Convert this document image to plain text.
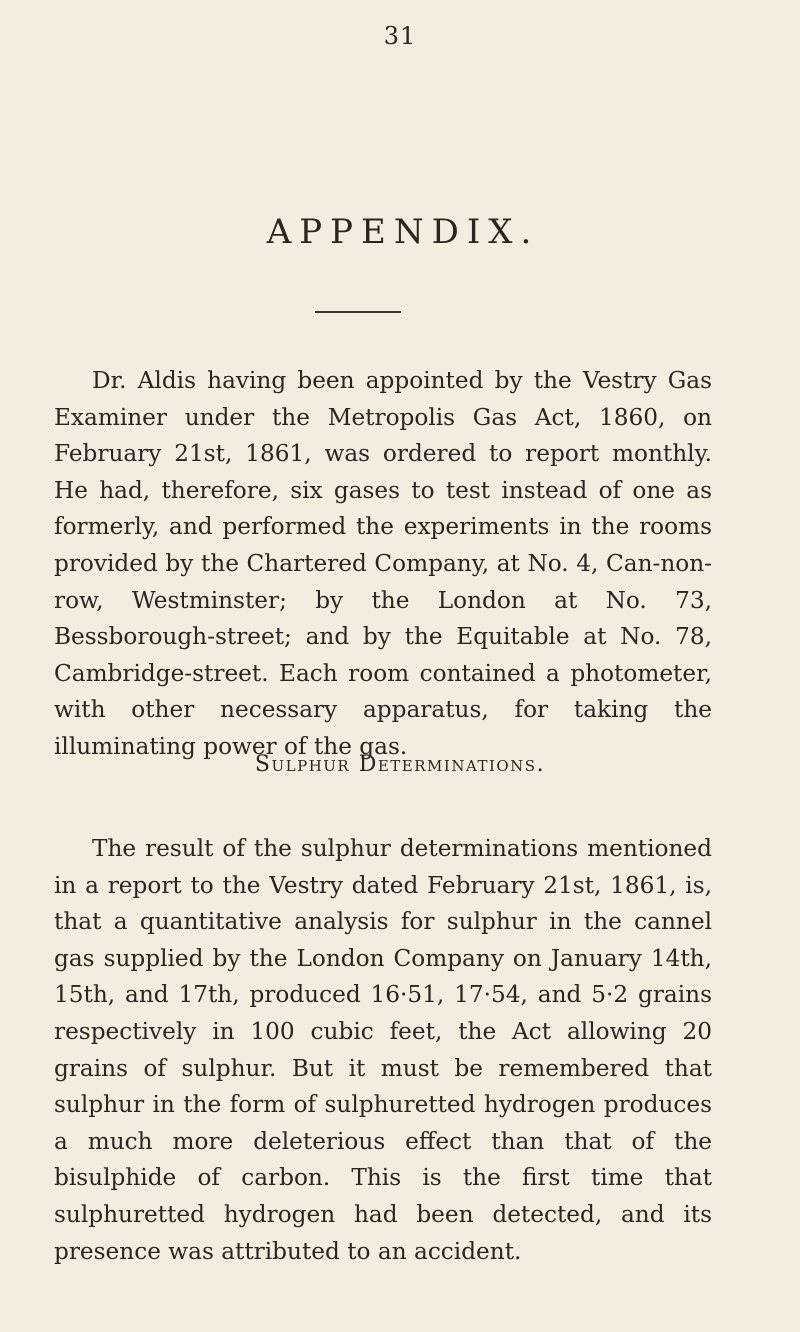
31
APPENDIX.

Dr. Aldis having been appointed by the Vestry Gas Examiner under the Metropolis Gas Act, 1860, on February 21st, 1861, was ordered to report monthly. He had, therefore, six gases to test instead of one as formerly, and performed the experiments in the rooms provided by the Chartered Company, at No. 4, Can-non-row, Westminster; by the London at No. 73, Bessborough-street; and by the Equitable at No. 78, Cambridge-street. Each room contained a photometer, with other necessary apparatus, for taking the illuminating power of the gas.

Sulphur Determinations.

The result of the sulphur determinations mentioned in a report to the Vestry dated February 21st, 1861, is, that a quantitative analysis for sulphur in the cannel gas supplied by the London Company on January 14th, 15th, and 17th, produced 16·51, 17·54, and 5·2 grains respectively in 100 cubic feet, the Act allowing 20 grains of sulphur. But it must be remembered that sulphur in the form of sulphuretted hydrogen produces a much more deleterious effect than that of the bisulphide of carbon. This is the first time that sulphuretted hydrogen had been detected, and its presence was attributed to an accident.
